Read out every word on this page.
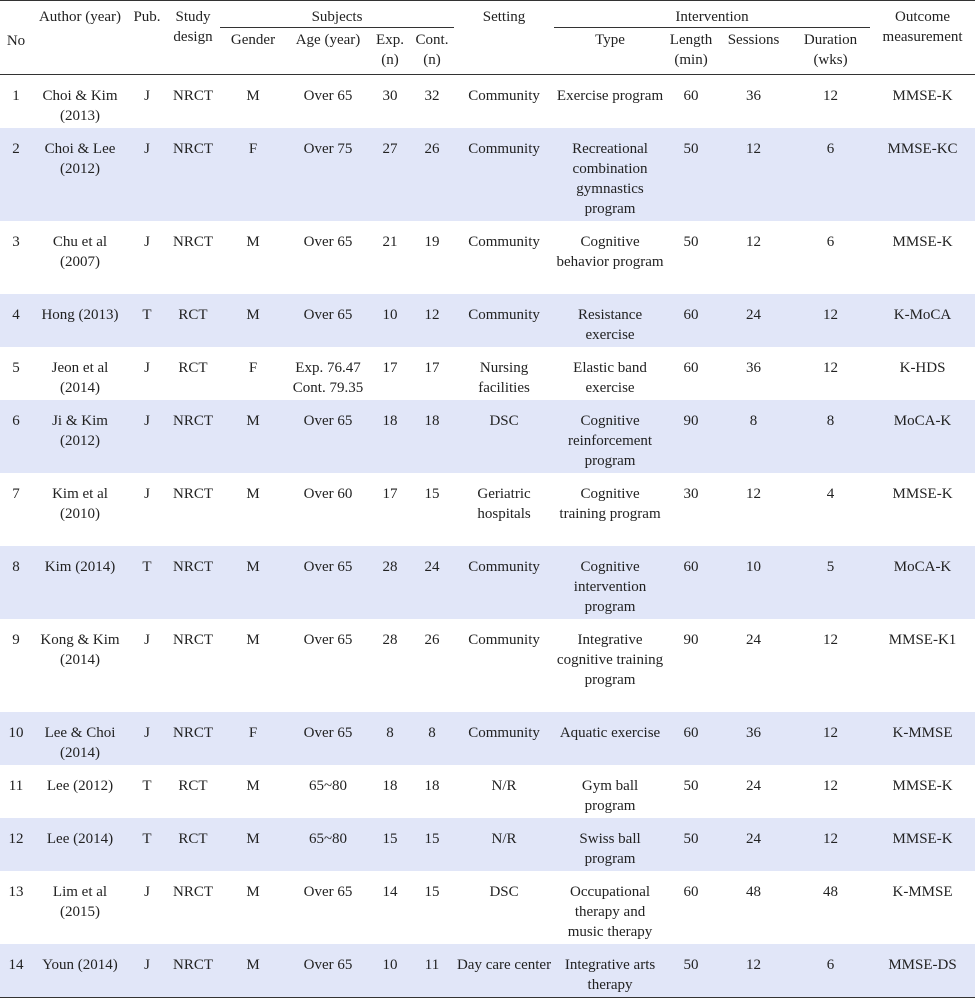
No	Author (year)	Pub.	Study design	Subjects				Setting	Intervention				Outcome measurement
				Gender	Age (year)	Exp. (n)	Cont. (n)		Type	Length (min)	Sessions	Duration (wks)	
1	Choi & Kim (2013)	J	NRCT	M	Over 65	30	32	Community	Exercise program	60	36	12	MMSE-K
2	Choi & Lee (2012)	J	NRCT	F	Over 75	27	26	Community	Recreational combination gymnastics program	50	12	6	MMSE-KC
3	Chu et al (2007)	J	NRCT	M	Over 65	21	19	Community	Cognitive behavior program	50	12	6	MMSE-K
4	Hong (2013)	T	RCT	M	Over 65	10	12	Community	Resistance exercise	60	24	12	K-MoCA
5	Jeon et al (2014)	J	RCT	F	Exp. 76.47 Cont. 79.35	17	17	Nursing facilities	Elastic band exercise	60	36	12	K-HDS
6	Ji & Kim (2012)	J	NRCT	M	Over 65	18	18	DSC	Cognitive reinforcement program	90	8	8	MoCA-K
7	Kim et al (2010)	J	NRCT	M	Over 60	17	15	Geriatric hospitals	Cognitive training program	30	12	4	MMSE-K
8	Kim (2014)	T	NRCT	M	Over 65	28	24	Community	Cognitive intervention program	60	10	5	MoCA-K
9	Kong & Kim (2014)	J	NRCT	M	Over 65	28	26	Community	Integrative cognitive training program	90	24	12	MMSE-K1
10	Lee & Choi (2014)	J	NRCT	F	Over 65	8	8	Community	Aquatic exercise	60	36	12	K-MMSE
11	Lee (2012)	T	RCT	M	65~80	18	18	N/R	Gym ball program	50	24	12	MMSE-K
12	Lee (2014)	T	RCT	M	65~80	15	15	N/R	Swiss ball program	50	24	12	MMSE-K
13	Lim et al (2015)	J	NRCT	M	Over 65	14	15	DSC	Occupational therapy and music therapy	60	48	48	K-MMSE
14	Youn (2014)	J	NRCT	M	Over 65	10	11	Day care center	Integrative arts therapy	50	12	6	MMSE-DS
